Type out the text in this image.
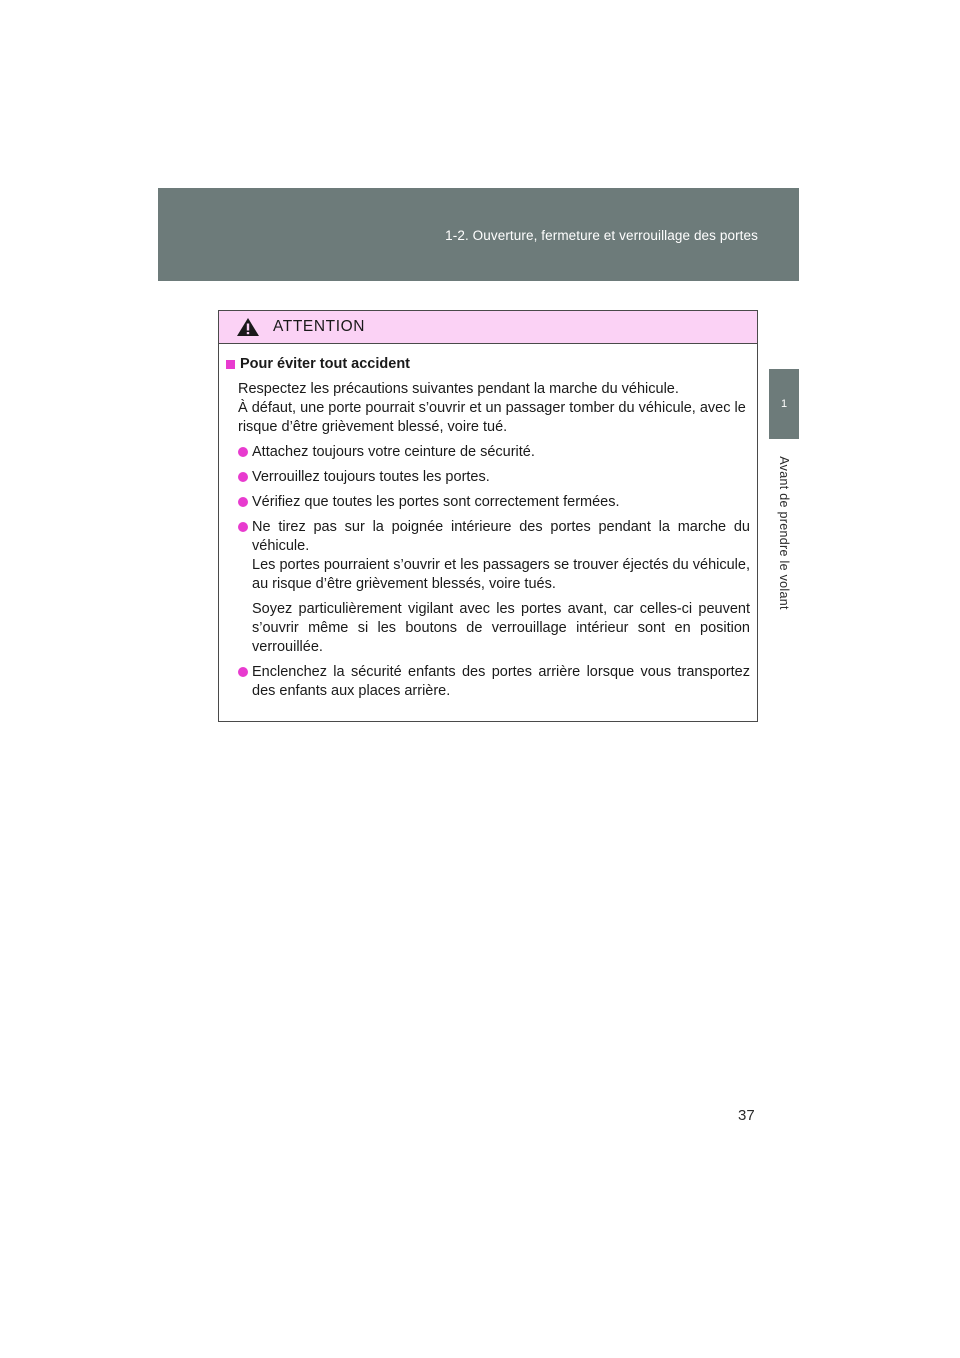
1-2. Ouverture, fermeture et verrouillage des portes
1
Avant de prendre le volant
ATTENTION
Pour éviter tout accident

Respectez les précautions suivantes pendant la marche du véhicule.

À défaut, une porte pourrait s’ouvrir et un passager tomber du véhicule, avec le risque d’être grièvement blessé, voire tué.

Attachez toujours votre ceinture de sécurité.

Verrouillez toujours toutes les portes.

Vérifiez que toutes les portes sont correctement fermées.

Ne tirez pas sur la poignée intérieure des portes pendant la marche du véhicule.

Les portes pourraient s’ouvrir et les passagers se trouver éjectés du véhicule, au risque d’être grièvement blessés, voire tués.

Soyez particulièrement vigilant avec les portes avant, car celles-ci peuvent s’ouvrir même si les boutons de verrouillage intérieur sont en position verrouillée.

Enclenchez la sécurité enfants des portes arrière lorsque vous transportez des enfants aux places arrière.

37
